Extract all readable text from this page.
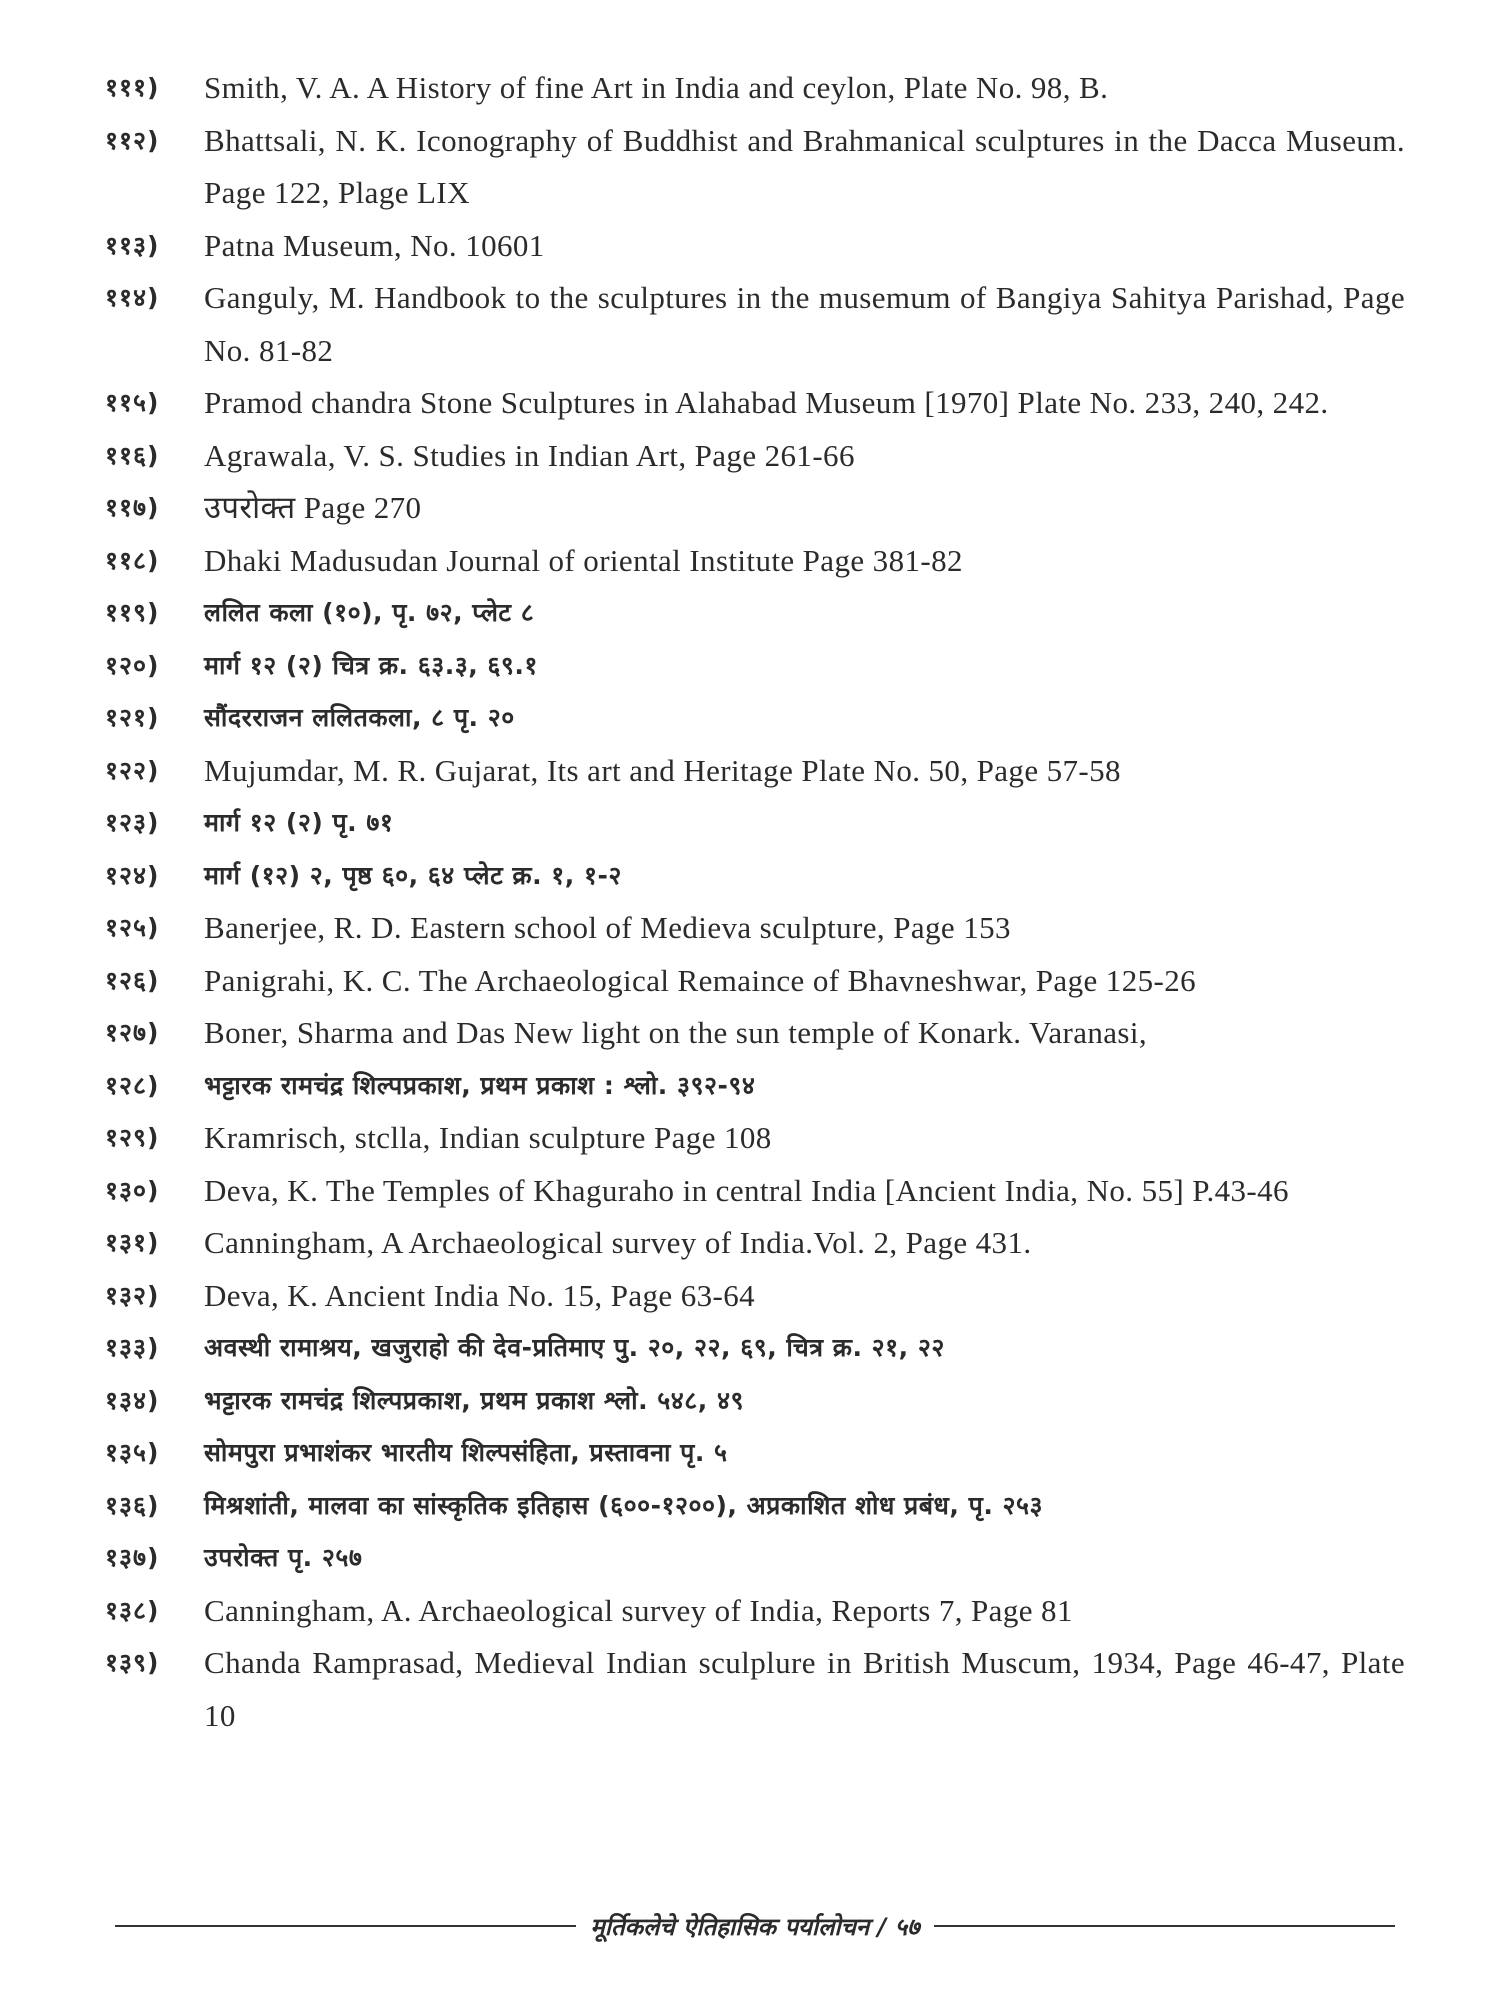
१११)	Smith, V. A. A History of fine Art in India and ceylon, Plate No. 98, B.
११२)	Bhattsali, N. K. Iconography of Buddhist and Brahmanical sculptures in the Dacca Museum. Page 122, Plage LIX
११३)	Patna Museum, No. 10601
११४)	Ganguly, M. Handbook to the sculptures in the musemum of Bangiya Sahitya Parishad, Page No. 81-82
११५)	Pramod chandra Stone Sculptures in Alahabad Museum [1970] Plate No. 233, 240, 242.
११६)	Agrawala, V. S. Studies in Indian Art, Page 261-66
११७)	उपरोक्त Page 270
११८)	Dhaki Madusudan Journal of oriental Institute Page 381-82
११९)	ललित कला (१०), पृ. ७२, प्लेट ८
१२०)	मार्ग १२ (२) चित्र क्र. ६३.३, ६९.१
१२१)	सौंदरराजन ललितकला, ८ पृ. २०
१२२)	Mujumdar, M. R. Gujarat, Its art and Heritage Plate No. 50, Page 57-58
१२३)	मार्ग १२ (२) पृ. ७१
१२४)	मार्ग (१२) २, पृष्ठ ६०, ६४ प्लेट क्र. १, १-२
१२५)	Banerjee, R. D. Eastern school of Medieva sculpture, Page 153
१२६)	Panigrahi, K. C. The Archaeological Remaince of Bhavneshwar, Page 125-26
१२७)	Boner, Sharma and Das New light on the sun temple of Konark. Varanasi,
१२८)	भट्टारक रामचंद्र शिल्पप्रकाश, प्रथम प्रकाश : श्लो. ३९२-९४
१२९)	Kramrisch, stclla, Indian sculpture Page 108
१३०)	Deva, K. The Temples of Khaguraho in central India [Ancient India, No. 55] P.43-46
१३१)	Canningham, A Archaeological survey of India.Vol. 2, Page 431.
१३२)	Deva, K. Ancient India No. 15, Page 63-64
१३३)	अवस्थी रामाश्रय, खजुराहो की देव-प्रतिमाए पु. २०, २२, ६९, चित्र क्र. २१, २२
१३४)	भट्टारक रामचंद्र शिल्पप्रकाश, प्रथम प्रकाश श्लो. ५४८, ४९
१३५)	सोमपुरा प्रभाशंकर भारतीय शिल्पसंहिता, प्रस्तावना पृ. ५
१३६)	मिश्रशांती, मालवा का सांस्कृतिक इतिहास (६००-१२००), अप्रकाशित शोध प्रबंध, पृ. २५३
१३७)	उपरोक्त पृ. २५७
१३८)	Canningham, A. Archaeological survey of India, Reports 7, Page 81
१३९)	Chanda Ramprasad, Medieval Indian sculplure in British Muscum, 1934, Page 46-47, Plate 10
मूर्तिकलेचे ऐतिहासिक पर्यालोचन / ५७
